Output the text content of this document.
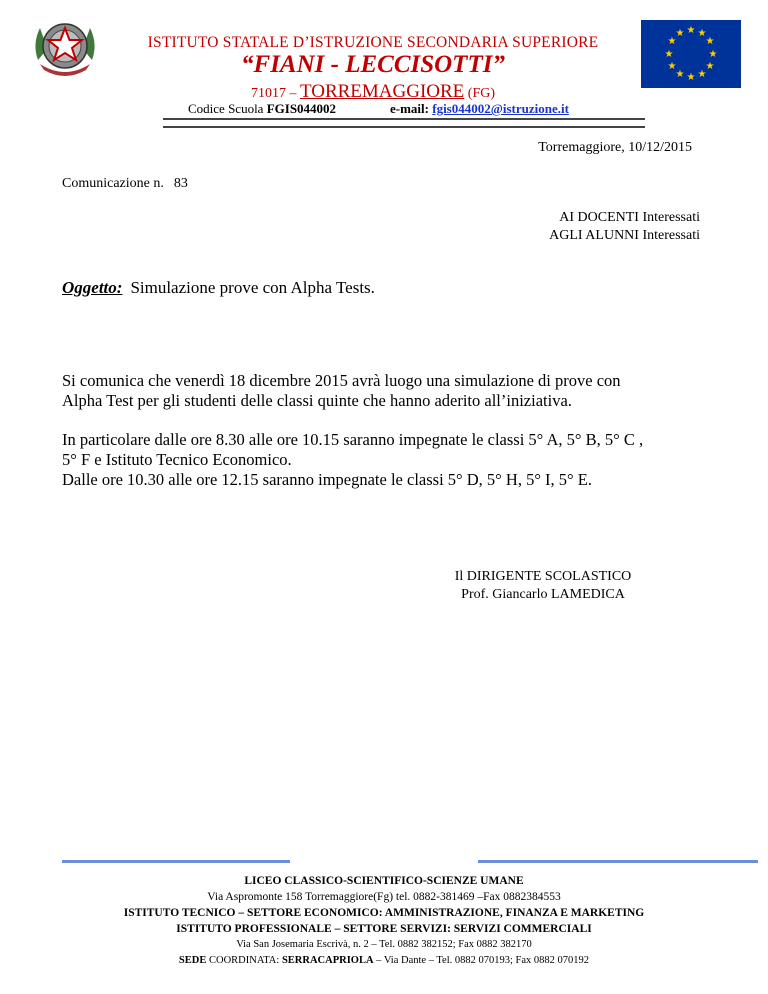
★ ★
★
★
★
★
★
★
★
★
★
★
ISTITUTO STATALE D’ISTRUZIONE SECONDARIA SUPERIORE
“FIANI - LECCISOTTI”
71017 – TORREMAGGIORE (FG)
Codice Scuola FGIS044002	e-mail: fgis044002@istruzione.it
Torremaggiore, 10/12/2015
Comunicazione n. 83
AI DOCENTI Interessati
AGLI ALUNNI Interessati
Oggetto: Simulazione prove con Alpha Tests.
Si comunica che venerdì 18 dicembre 2015 avrà luogo una simulazione di prove con
Alpha Test per gli studenti delle classi quinte che hanno aderito all’iniziativa.
In particolare dalle ore 8.30 alle ore 10.15 saranno impegnate le classi 5° A, 5° B, 5° C ,
5° F e Istituto Tecnico Economico.
Dalle ore 10.30 alle ore 12.15 saranno impegnate le classi 5° D, 5° H, 5° I, 5° E.
Il DIRIGENTE SCOLASTICO
Prof. Giancarlo LAMEDICA
LICEO CLASSICO-SCIENTIFICO-SCIENZE UMANE
Via Aspromonte 158 Torremaggiore(Fg) tel. 0882-381469 –Fax 0882384553
ISTITUTO TECNICO – SETTORE ECONOMICO: AMMINISTRAZIONE, FINANZA E MARKETING
ISTITUTO PROFESSIONALE – SETTORE SERVIZI: SERVIZI COMMERCIALI
Via San Josemaria Escrivà, n. 2 – Tel. 0882 382152; Fax 0882 382170
SEDE COORDINATA: SERRACAPRIOLA – Via Dante – Tel. 0882 070193; Fax 0882 070192
